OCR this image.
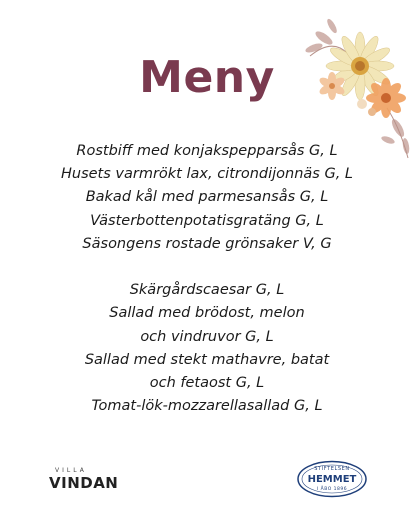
Meny
Rostbiff med konjakspepparsås G, L
Husets varmrökt lax, citrondijonnäs G, L
Bakad kål med parmesansås G, L
Västerbottenpotatisgratäng G, L
Säsongens rostade grönsaker V, G
Skärgårdscaesar G, L
Sallad med brödost, melon
och vindruvor G, L
Sallad med stekt mathavre, batat
och fetaost G, L
Tomat-lök-mozzarellasallad G, L
VILLA
VINDAN
STIFTELSEN
HEMMET
I ÅBO 1896
